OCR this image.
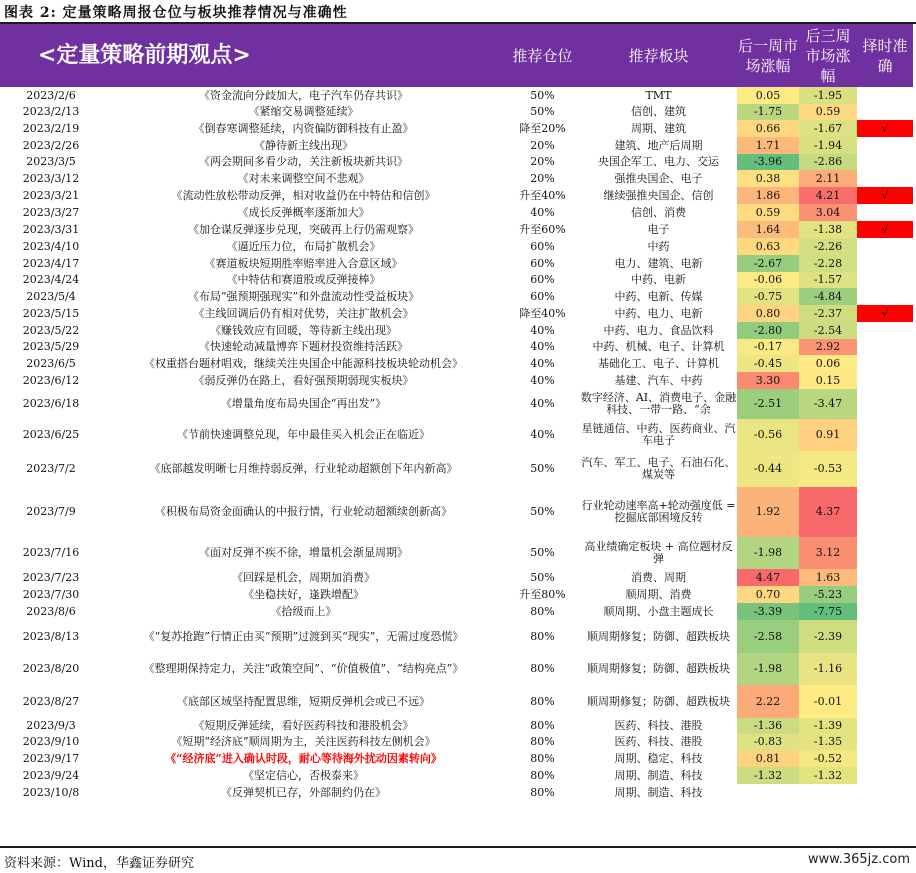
图表 2: 定量策略周报仓位与板块推荐情况与准确性
<定量策略前期观点>		推荐仓位	推荐板块	后一周市场涨幅	后三周市场涨幅	择时准确
2023/2/6	《资金流向分歧加大，电子汽车仍存共识》	50%	TMT	0.05	-1.95	
2023/2/13	《紧缩交易调整延续》	50%	信创、建筑	-1.75	0.59	
2023/2/19	《倒春寒调整延续，内资偏防御科技有止盈》	降至20%	周期、建筑	0.66	-1.67	√
2023/2/26	《静待新主线出现》	20%	建筑、地产后周期	1.71	-1.94	
2023/3/5	《两会期间多看少动，关注新板块新共识》	20%	央国企军工、电力、交运	-3.96	-2.86	
2023/3/12	《对未来调整空间不悲观》	20%	强推央国企、电子	0.38	2.11	
2023/3/21	《流动性放松带动反弹，相对收益仍在中特估和信创》	升至40%	继续强推央国企、信创	1.86	4.21	√
2023/3/27	《成长反弹概率逐渐加大》	40%	信创、消费	0.59	3.04	
2023/3/31	《加仓谋反弹逐步兑现，突破再上行仍需观察》	升至60%	电子	1.64	-1.38	√
2023/4/10	《逼近压力位，布局扩散机会》	60%	中药	0.63	-2.26	
2023/4/17	《赛道板块短期胜率赔率进入合意区域》	60%	电力、建筑、电新	-2.67	-2.28	
2023/4/24	《中特估和赛道股或反弹接棒》	60%	中药、电新	-0.06	-1.57	
2023/5/4	《布局“强预期强现实”和外盘流动性受益板块》	60%	中药、电新、传媒	-0.75	-4.84	
2023/5/15	《主线回调后仍有相对优势，关注扩散机会》	降至40%	中药、电力、电新	0.80	-2.37	√
2023/5/22	《赚钱效应有回暖，等待新主线出现》	40%	中药、电力、食品饮料	-2.80	-2.54	
2023/5/29	《快速轮动减量博弈下题材投资维持活跃》	40%	中药、机械、电子、计算机	-0.17	2.92	
2023/6/5	《权重搭台题材唱戏，继续关注央国企中能源科技板块轮动机会》	40%	基础化工、电子、计算机	-0.45	0.06	
2023/6/12	《弱反弹仍在路上，看好强预期弱现实板块》	40%	基建、汽车、中药	3.30	0.15	
2023/6/18	《增量角度布局央国企“再出发”》	40%	数字经济、AI、消费电子、金融科技、一带一路、“余	-2.51	-3.47	
2023/6/25	《节前快速调整兑现，年中最佳买入机会正在临近》	40%	星链通信、中药、医药商业、汽车电子	-0.56	0.91	
2023/7/2	《底部越发明晰七月维持弱反弹，行业轮动超额创下年内新高》	50%	汽车、军工、电子、石油石化、煤炭等	-0.44	-0.53	
2023/7/9	《积极布局资金面确认的中报行情，行业轮动超额续创新高》	50%	行业轮动速率高+轮动强度低 = 挖掘底部困境反转	1.92	4.37	
2023/7/16	《面对反弹不疾不徐，增量机会渐显周期》	50%	高业绩确定板块 + 高位题材反弹	-1.98	3.12	
2023/7/23	《回踩是机会，周期加消费》	50%	消费、周期	4.47	1.63	
2023/7/30	《坐稳扶好，逢跌增配》	升至80%	顺周期、消费	0.70	-5.23	
2023/8/6	《拾级而上》	80%	顺周期、小盘主题成长	-3.39	-7.75	
2023/8/13	《“复苏抢跑”行情正由买“预期”过渡到买“现实”，无需过度恐慌》	80%	顺周期修复；防御、超跌板块	-2.58	-2.39	
2023/8/20	《整理期保持定力，关注“政策空间”、“价值极值”、“结构亮点”》	80%	顺周期修复；防御、超跌板块	-1.98	-1.16	
2023/8/27	《底部区域坚持配置思维，短期反弹机会或已不远》	80%	顺周期修复；防御、超跌板块	2.22	-0.01	
2023/9/3	《短期反弹延续，看好医药科技和港股机会》	80%	医药、科技、港股	-1.36	-1.39	
2023/9/10	《短期“经济底”顺周期为主，关注医药科技左侧机会》	80%	医药、科技、港股	-0.83	-1.35	
2023/9/17	《“经济底”进入确认时段，耐心等待海外扰动因素转向》	80%	周期、稳定、科技	0.81	-0.52	
2023/9/24	《坚定信心，否极泰来》	80%	周期、制造、科技	-1.32	-1.32	
2023/10/8	《反弹契机已存，外部制约仍在》	80%	周期、制造、科技			
资料来源：Wind，华鑫证券研究	www.365jz.com
